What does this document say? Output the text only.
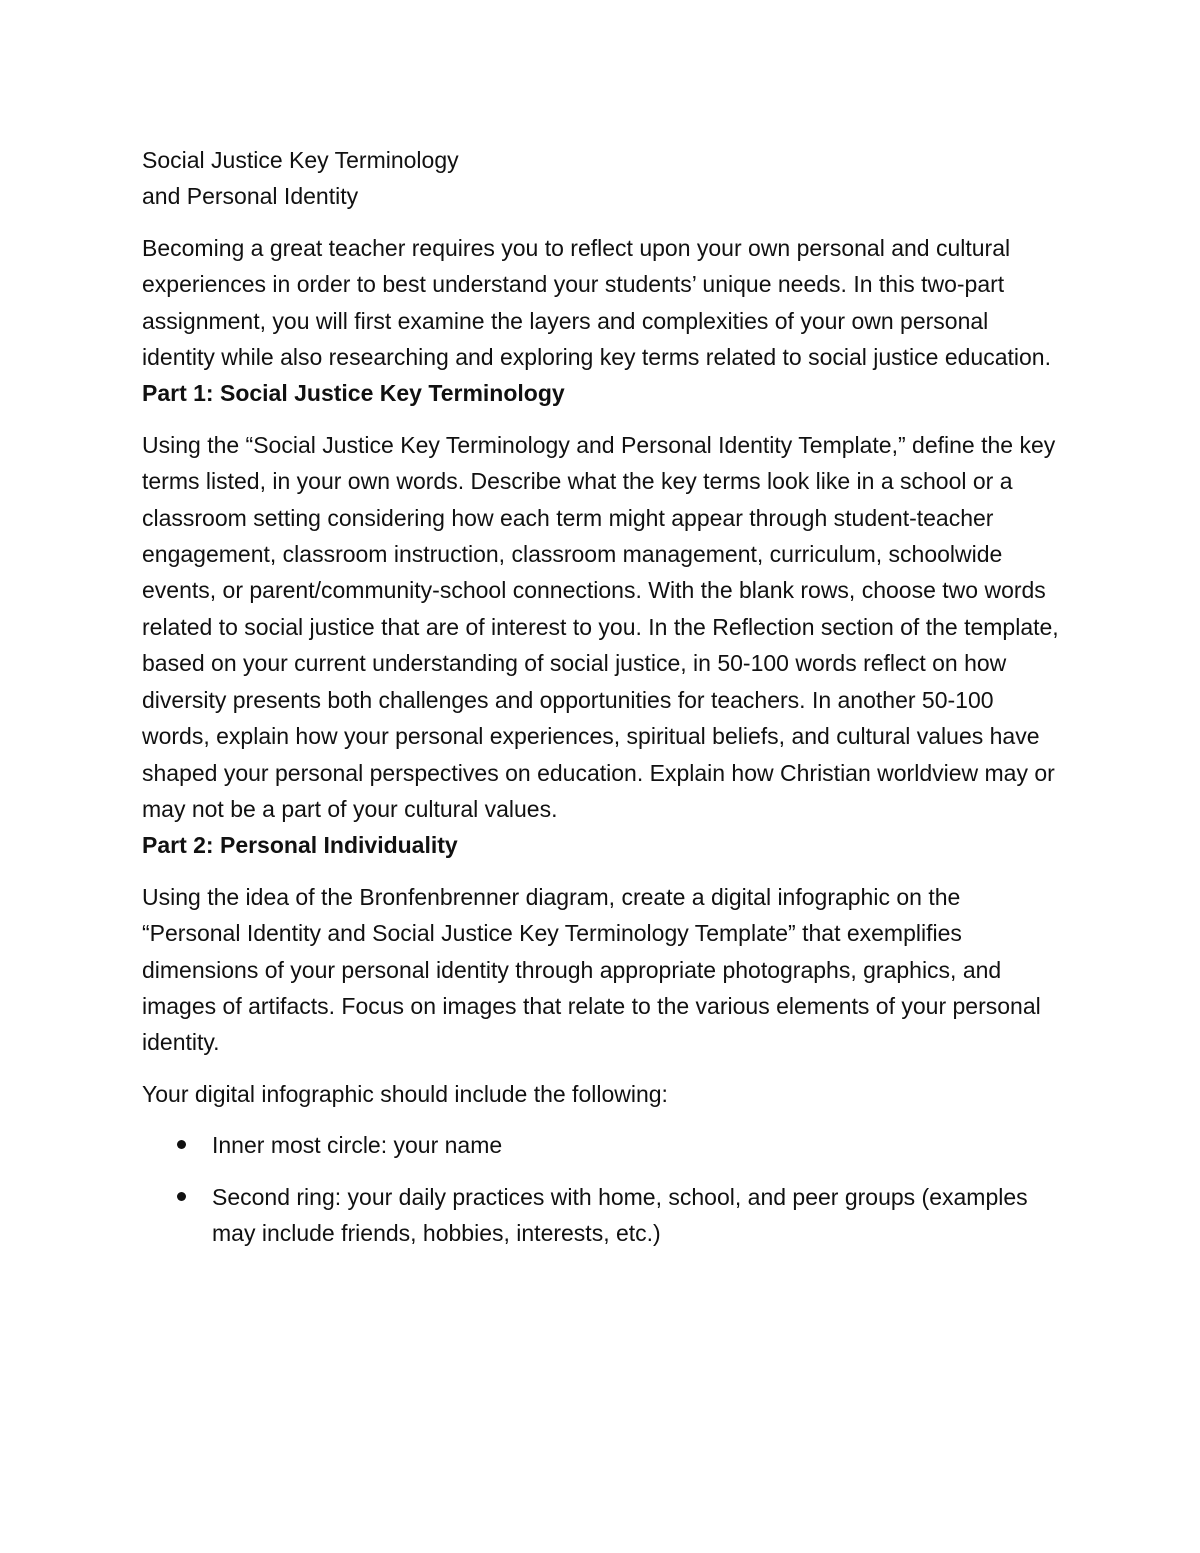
Social Justice Key Terminology
and Personal Identity

Becoming a great teacher requires you to reflect upon your own personal and cultural experiences in order to best understand your students’ unique needs. In this two-part assignment, you will first examine the layers and complexities of your own personal identity while also researching and exploring key terms related to social justice education.

Part 1: Social Justice Key Terminology

Using the “Social Justice Key Terminology and Personal Identity Template,” define the key terms listed, in your own words. Describe what the key terms look like in a school or a classroom setting considering how each term might appear through student-teacher engagement, classroom instruction, classroom management, curriculum, schoolwide events, or parent/community-school connections. With the blank rows, choose two words related to social justice that are of interest to you. In the Reflection section of the template, based on your current understanding of social justice, in 50-100 words reflect on how diversity presents both challenges and opportunities for teachers. In another 50-100 words, explain how your personal experiences, spiritual beliefs, and cultural values have shaped your personal perspectives on education. Explain how Christian worldview may or may not be a part of your cultural values.

Part 2: Personal Individuality

Using the idea of the Bronfenbrenner diagram, create a digital infographic on the “Personal Identity and Social Justice Key Terminology Template” that exemplifies dimensions of your personal identity through appropriate photographs, graphics, and images of artifacts. Focus on images that relate to the various elements of your personal identity.

Your digital infographic should include the following:

Inner most circle: your name
Second ring: your daily practices with home, school, and peer groups (examples may include friends, hobbies, interests, etc.)
